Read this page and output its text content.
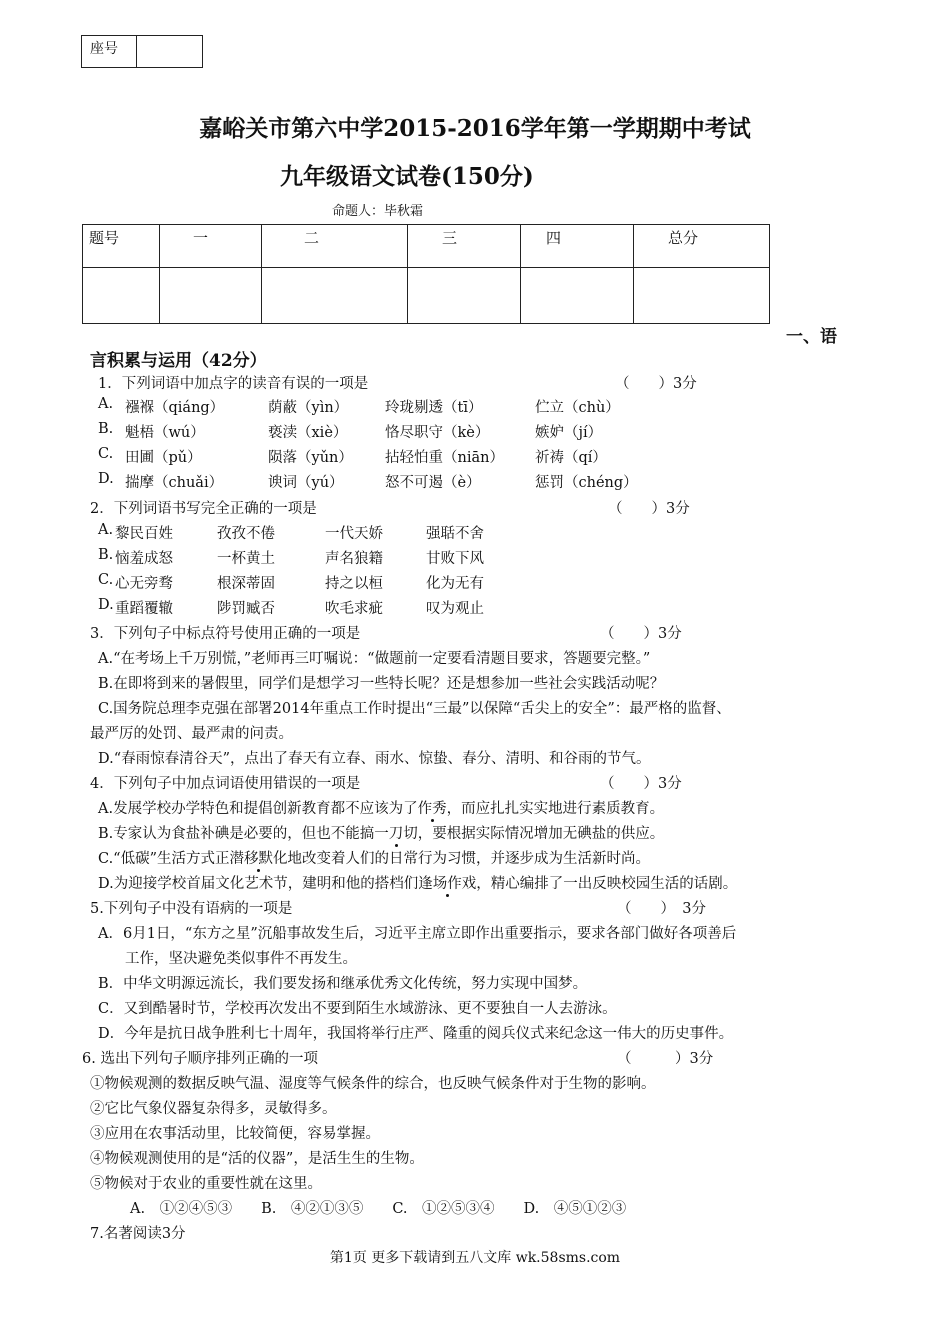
座号
嘉峪关市第六中学2015-2016学年第一学期期中考试
九年级语文试卷(150分)
命题人：毕秋霜
题号	一	二	三	四	总分

一、语
言积累与运用（42分）
1．下列词语中加点字的读音有误的一项是	（　　）3分
A. 襁褓（qiáng）	荫蔽（yìn）	玲珑剔透（tī）	伫立（chù）
B. 魁梧（wú）	亵渎（xiè）	恪尽职守（kè）	嫉妒（jí）
C. 田圃（pǔ）	陨落（yǔn） 拈轻怕重（niān） 祈祷（qí）
D. 揣摩（chuǎi）	谀词（yú）	怒不可遏（è）	惩罚（chéng）
2．下列词语书写完全正确的一项是	（　　）3分
A. 黎民百姓	孜孜不倦	一代天娇	强聒不舍
B. 恼羞成怒	一杯黄土	声名狼籍	甘败下风
C. 心无旁骛	根深蒂固	持之以桓	化为无有
D. 重蹈覆辙	陟罚臧否	吹毛求疵	叹为观止
3．下列句子中标点符号使用正确的一项是	（　　）3分
A.“在考场上千万别慌，”老师再三叮嘱说：“做题前一定要看清题目要求，答题要完整。”
B.在即将到来的暑假里，同学们是想学习一些特长呢？还是想参加一些社会实践活动呢？
C.国务院总理李克强在部署2014年重点工作时提出“三最”以保障“舌尖上的安全”：最严格的监督、
最严厉的处罚、最严肃的问责。
D.“春雨惊春清谷天”，点出了春天有立春、雨水、惊蛰、春分、清明、和谷雨的节气。
4．下列句子中加点词语使用错误的一项是	（　　）3分
A.发展学校办学特色和提倡创新教育都不应该为了作秀，而应扎扎实实地进行素质教育。
B.专家认为食盐补碘是必要的，但也不能搞一刀切，要根据实际情况增加无碘盐的供应。
C.“低碳”生活方式正潜移默化地改变着人们的日常行为习惯，并逐步成为生活新时尚。
D.为迎接学校首届文化艺术节，建明和他的搭档们逢场作戏，精心编排了一出反映校园生活的话剧。
5.下列句子中没有语病的一项是	（　　）　3分
A．6月1日，“东方之星”沉船事故发生后，习近平主席立即作出重要指示，要求各部门做好各项善后
工作，坚决避免类似事件不再发生。
B．中华文明源远流长，我们要发扬和继承优秀文化传统，努力实现中国梦。
C．又到酷暑时节，学校再次发出不要到陌生水域游泳、更不要独自一人去游泳。
D．今年是抗日战争胜利七十周年，我国将举行庄严、隆重的阅兵仪式来纪念这一伟大的历史事件。
6. 选出下列句子顺序排列正确的一项	（　　　）3分
①物候观测的数据反映气温、湿度等气候条件的综合，也反映气候条件对于生物的影响。
②它比气象仪器复杂得多，灵敏得多。
③应用在农事活动里，比较简便，容易掌握。
④物候观测使用的是“活的仪器”，是活生生的生物。
⑤物候对于农业的重要性就在这里。
A.　①②④⑤③　　B.　④②①③⑤　　C.　①②⑤③④　　D.　④⑤①②③
7.名著阅读3分
第1页 更多下载请到五八文库 wk.58sms.com
